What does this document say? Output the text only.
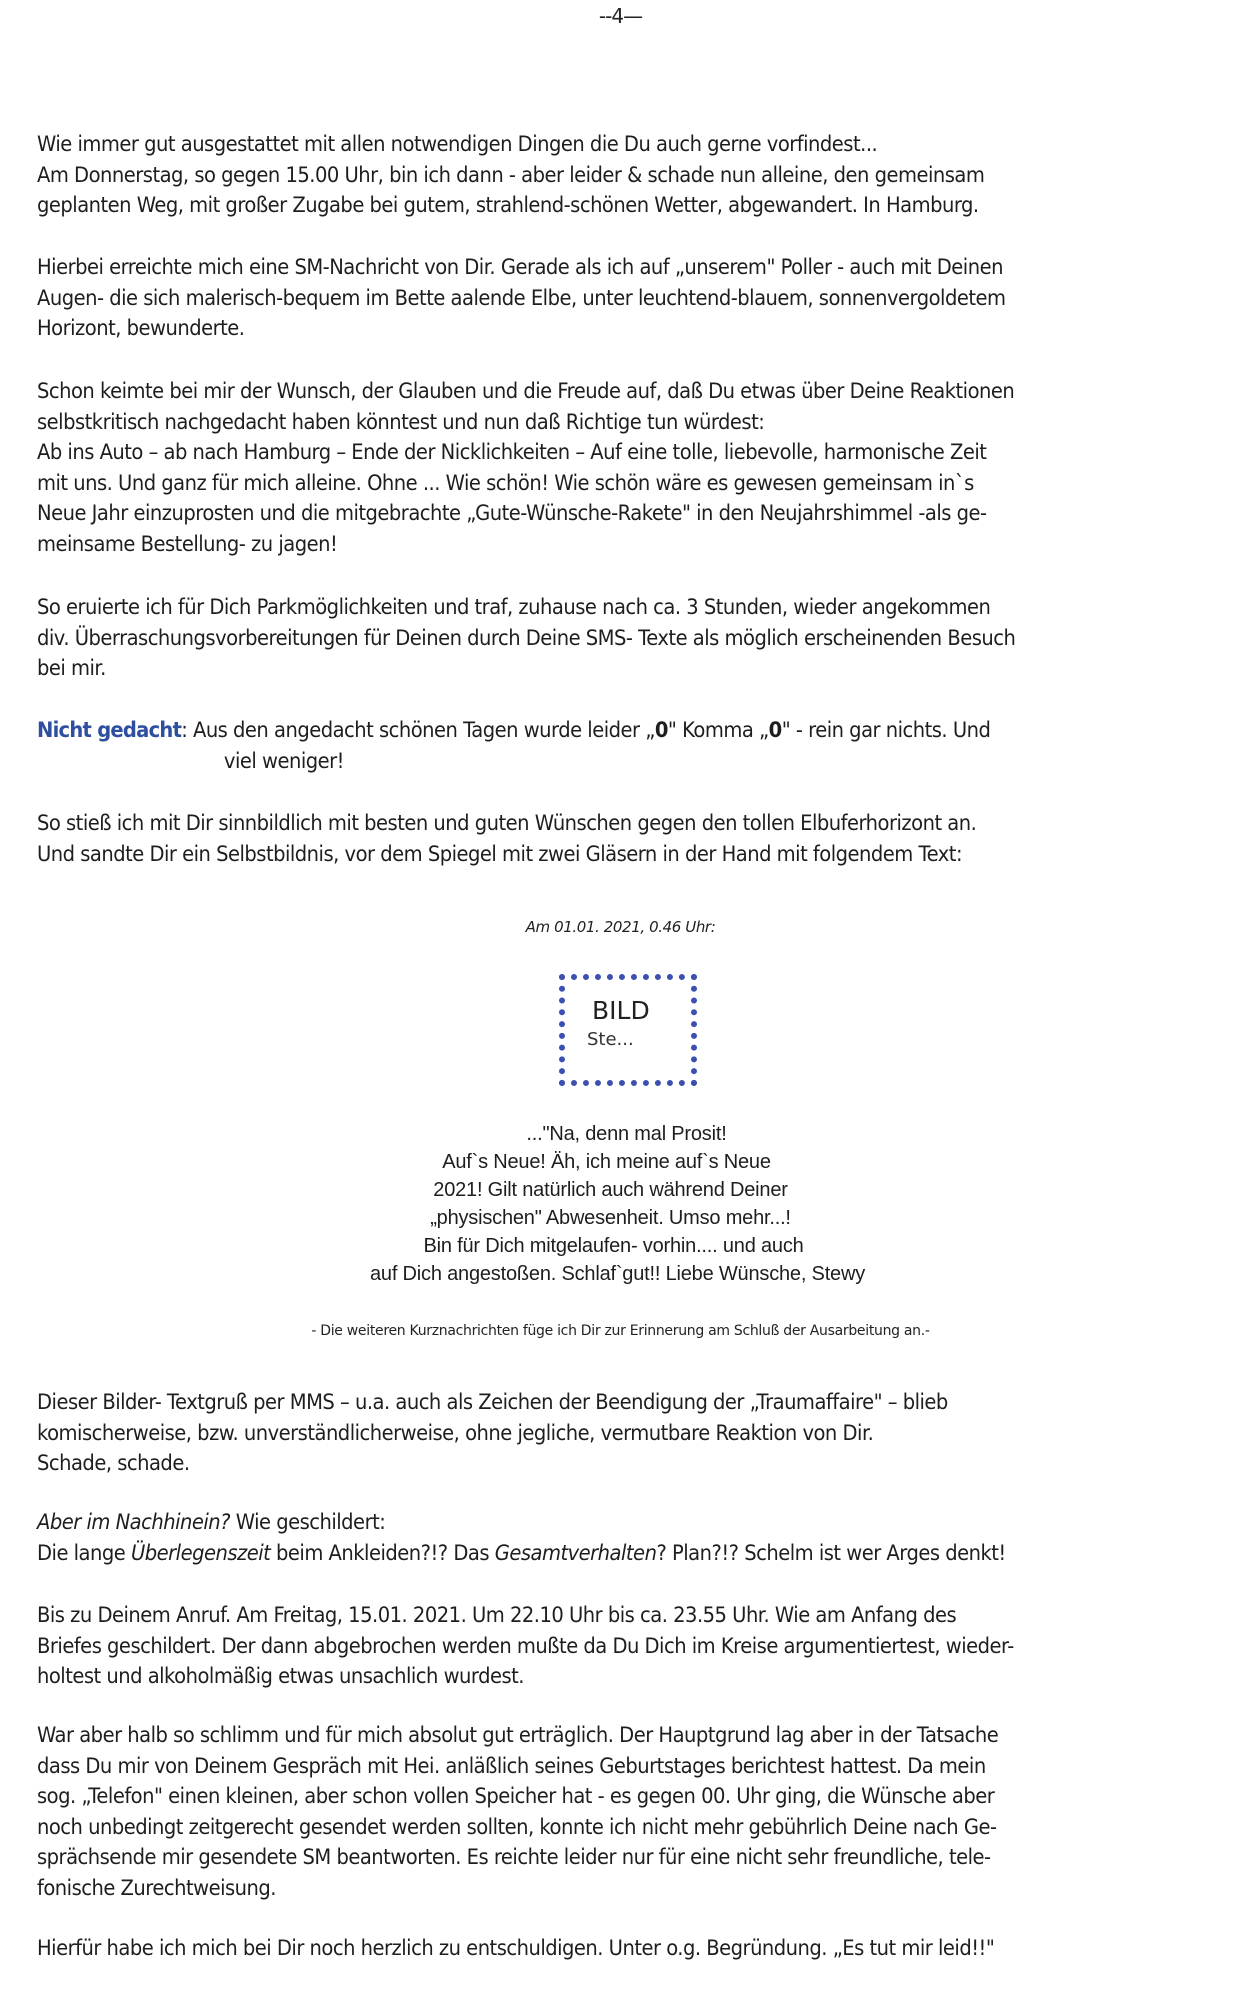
--4—
Wie immer gut ausgestattet mit allen notwendigen Dingen die Du auch gerne vorfindest...
Am Donnerstag, so gegen 15.00 Uhr, bin ich dann - aber leider & schade nun alleine, den gemeinsam
geplanten Weg, mit großer Zugabe bei gutem, strahlend-schönen Wetter, abgewandert. In Hamburg.
Hierbei erreichte mich eine SM-Nachricht von Dir. Gerade als ich auf „unserem" Poller - auch mit Deinen
Augen- die sich malerisch-bequem im Bette aalende Elbe, unter leuchtend-blauem, sonnenvergoldetem
Horizont, bewunderte.
Schon keimte bei mir der Wunsch, der Glauben und die Freude auf, daß Du etwas über Deine Reaktionen
selbstkritisch nachgedacht haben könntest und nun daß Richtige tun würdest:
Ab ins Auto – ab nach Hamburg – Ende der Nicklichkeiten – Auf eine tolle, liebevolle, harmonische Zeit
mit uns. Und ganz für mich alleine. Ohne ... Wie schön! Wie schön wäre es gewesen gemeinsam in`s
Neue Jahr einzuprosten und die mitgebrachte „Gute-Wünsche-Rakete" in den Neujahrshimmel -als ge-
meinsame Bestellung- zu jagen!
So eruierte ich für Dich Parkmöglichkeiten und traf, zuhause nach ca. 3 Stunden, wieder angekommen
div. Überraschungsvorbereitungen für Deinen durch Deine SMS- Texte als möglich erscheinenden Besuch
bei mir.
Nicht gedacht: Aus den angedacht schönen Tagen wurde leider „0" Komma „0" - rein gar nichts. Und
viel weniger!
So stieß ich mit Dir sinnbildlich mit besten und guten Wünschen gegen den tollen Elbuferhorizont an.
Und sandte Dir ein Selbstbildnis, vor dem Spiegel mit zwei Gläsern in der Hand mit folgendem Text:
Am 01.01. 2021, 0.46 Uhr:
BILD
Ste...
..."Na, denn mal Prosit!
Auf`s Neue! Äh, ich meine auf`s Neue
2021! Gilt natürlich auch während Deiner
„physischen" Abwesenheit. Umso mehr...!
Bin für Dich mitgelaufen- vorhin.... und auch
auf Dich angestoßen. Schlaf`gut!! Liebe Wünsche, Stewy
- Die weiteren Kurznachrichten füge ich Dir zur Erinnerung am Schluß der Ausarbeitung an.-
Dieser Bilder- Textgruß per MMS – u.a. auch als Zeichen der Beendigung der „Traumaffaire" – blieb
komischerweise, bzw. unverständlicherweise, ohne jegliche, vermutbare Reaktion von Dir.
Schade, schade.
Aber im Nachhinein? Wie geschildert:
Die lange Überlegenszeit beim Ankleiden?!? Das Gesamtverhalten? Plan?!? Schelm ist wer Arges denkt!
Bis zu Deinem Anruf. Am Freitag, 15.01. 2021. Um 22.10 Uhr bis ca. 23.55 Uhr. Wie am Anfang des
Briefes geschildert. Der dann abgebrochen werden mußte da Du Dich im Kreise argumentiertest, wieder-
holtest und alkoholmäßig etwas unsachlich wurdest.
War aber halb so schlimm und für mich absolut gut erträglich. Der Hauptgrund lag aber in der Tatsache
dass Du mir von Deinem Gespräch mit Hei. anläßlich seines Geburtstages berichtest hattest. Da mein
sog. „Telefon" einen kleinen, aber schon vollen Speicher hat - es gegen 00. Uhr ging, die Wünsche aber
noch unbedingt zeitgerecht gesendet werden sollten, konnte ich nicht mehr gebührlich Deine nach Ge-
sprächsende mir gesendete SM beantworten. Es reichte leider nur für eine nicht sehr freundliche, tele-
fonische Zurechtweisung.
Hierfür habe ich mich bei Dir noch herzlich zu entschuldigen. Unter o.g. Begründung. „Es tut mir leid!!"
